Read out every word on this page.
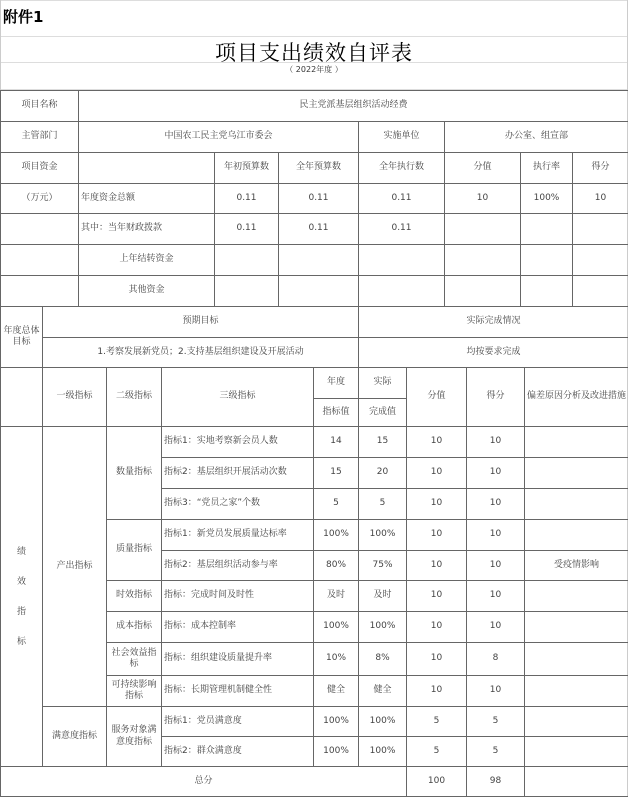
附件1
项目支出绩效自评表
（ 2022年度 ）
项目名称	民主党派基层组织活动经费						
主管部门	中国农工民主党乌江市委会			实施单位	办公室、组宣部		
项目资金		年初预算数	全年预算数	全年执行数	分值	执行率	得分
（万元）	年度资金总额	0.11	0.11	0.11	10	100%	10
	其中：当年财政拨款	0.11	0.11	0.11			
	上年结转资金						
	其他资金						
年度总体目标	预期目标				实际完成情况			
	1.考察发展新党员；2.支持基层组织建设及开展活动				均按要求完成			
	一级指标	二级指标	三级指标	年度	实际	分值	得分	偏差原因分析及改进措施
				指标值	完成值			

绩
效
指
标	产出指标	数量指标	指标1：实地考察新会员人数	14	15	10	10	
			指标2：基层组织开展活动次数	15	20	10	10	
			指标3：“党员之家”个数	5	5	10	10	
		质量指标	指标1：新党员发展质量达标率	100%	100%	10	10	
			指标2：基层组织活动参与率	80%	75%	10	10	受疫情影响
		时效指标	指标：完成时间及时性	及时	及时	10	10	
		成本指标	指标：成本控制率	100%	100%	10	10	
		社会效益指标	指标：组织建设质量提升率	10%	8%	10	8	
		可持续影响指标	指标：长期管理机制健全性	健全	健全	10	10	
	满意度指标	服务对象满意度指标	指标1：党员满意度	100%	100%	5	5	
			指标2：群众满意度	100%	100%	5	5	
总分						100	98	
